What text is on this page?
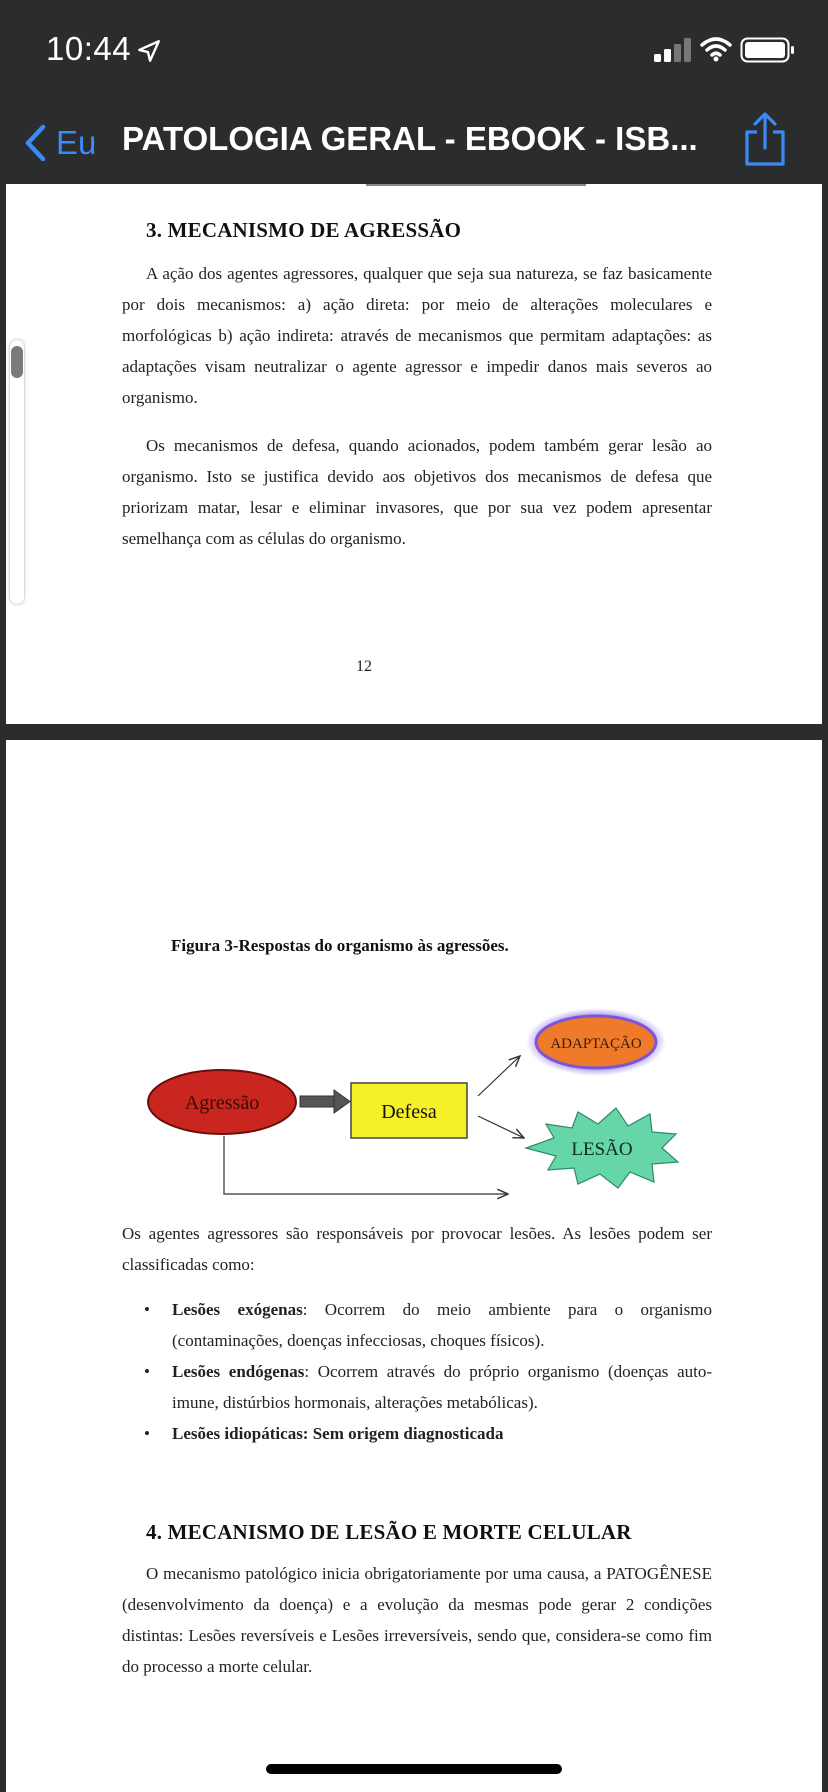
10:44
Eu PATOLOGIA GERAL - EBOOK - ISB...
3. MECANISMO DE AGRESSÃO

A ação dos agentes agressores, qualquer que seja sua natureza, se faz basicamente por dois mecanismos: a) ação direta: por meio de alterações moleculares e morfológicas b) ação indireta: através de mecanismos que permitam adaptações: as adaptações visam neutralizar o agente agressor e impedir danos mais severos ao organismo.

Os mecanismos de defesa, quando acionados, podem também gerar lesão ao organismo. Isto se justifica devido aos objetivos dos mecanismos de defesa que priorizam matar, lesar e eliminar invasores, que por sua vez podem apresentar semelhança com as células do organismo.

12
Figura 3-Respostas do organismo às agressões.
Agressão	Defesa
ADAPTAÇÃO
LESÃO

Os agentes agressores são responsáveis por provocar lesões. As lesões podem ser classificadas como:

• Lesões exógenas: Ocorrem do meio ambiente para o organismo (contaminações, doenças infecciosas, choques físicos).
• Lesões endógenas: Ocorrem através do próprio organismo (doenças auto-imune, distúrbios hormonais, alterações metabólicas).
• Lesões idiopáticas: Sem origem diagnosticada
4. MECANISMO DE LESÃO E MORTE CELULAR

O mecanismo patológico inicia obrigatoriamente por uma causa, a PATOGÊNESE (desenvolvimento da doença) e a evolução da mesmas pode gerar 2 condições distintas: Lesões reversíveis e Lesões irreversíveis, sendo que, considera-se como fim do processo a morte celular.
